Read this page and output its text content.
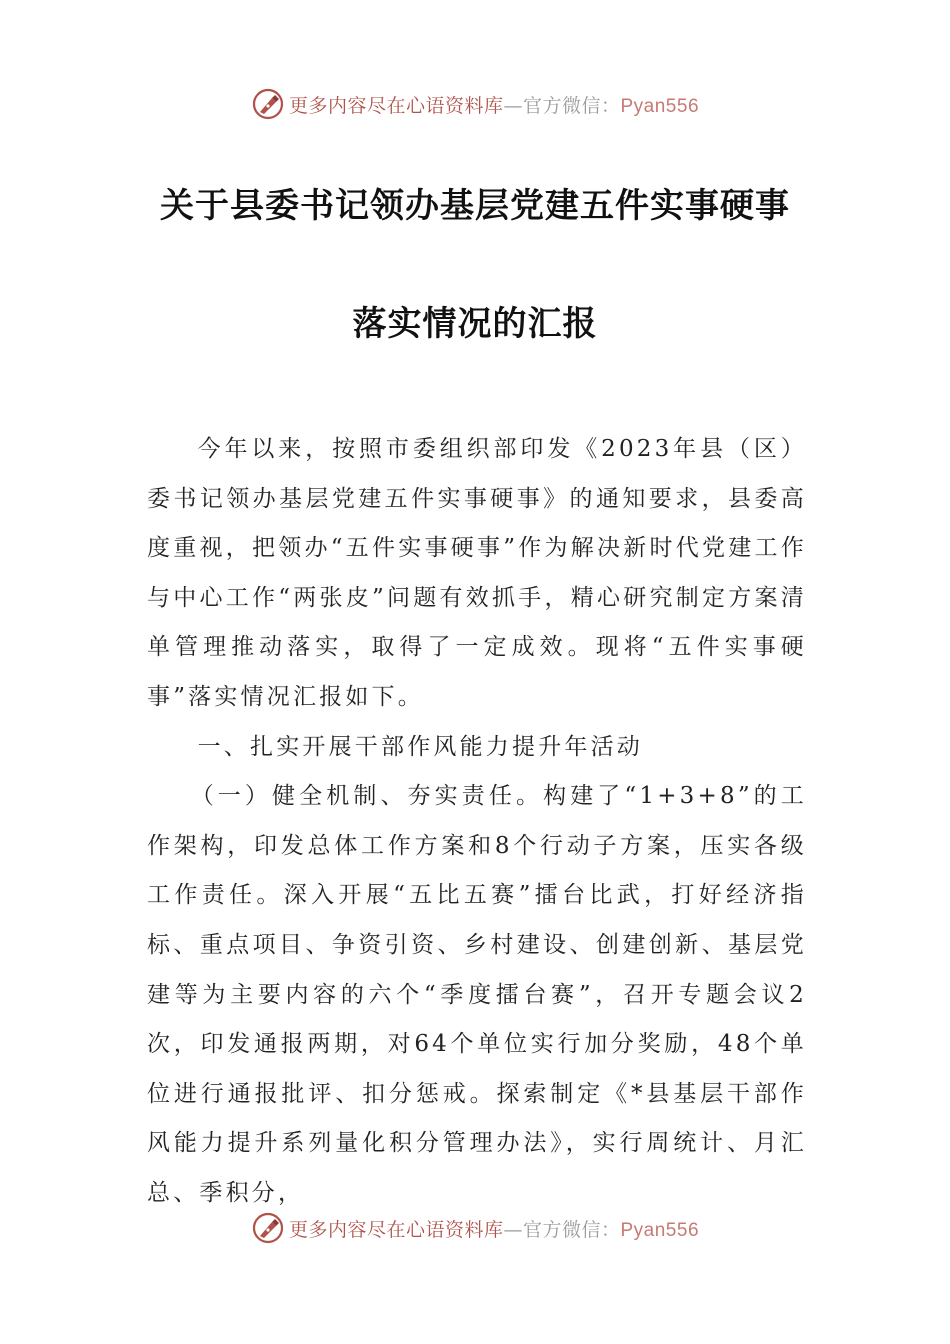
更多内容尽在心语资料库—官方微信：Pyan556
关于县委书记领办基层党建五件实事硬事
落实情况的汇报

今年以来，按照市委组织部印发《2023年县（区）委书记领办基层党建五件实事硬事》的通知要求，县委高度重视，把领办“五件实事硬事”作为解决新时代党建工作与中心工作“两张皮”问题有效抓手，精心研究制定方案清单管理推动落实，取得了一定成效。现将“五件实事硬事”落实情况汇报如下。

一、扎实开展干部作风能力提升年活动

（一）健全机制、夯实责任。构建了“1+3+8”的工作架构，印发总体工作方案和8个行动子方案，压实各级工作责任。深入开展“五比五赛”擂台比武，打好经济指标、重点项目、争资引资、乡村建设、创建创新、基层党建等为主要内容的六个“季度擂台赛”，召开专题会议2次，印发通报两期，对64个单位实行加分奖励，48个单位进行通报批评、扣分惩戒。探索制定《*县基层干部作风能力提升系列量化积分管理办法》，实行周统计、月汇总、季积分，

更多内容尽在心语资料库—官方微信：Pyan556
